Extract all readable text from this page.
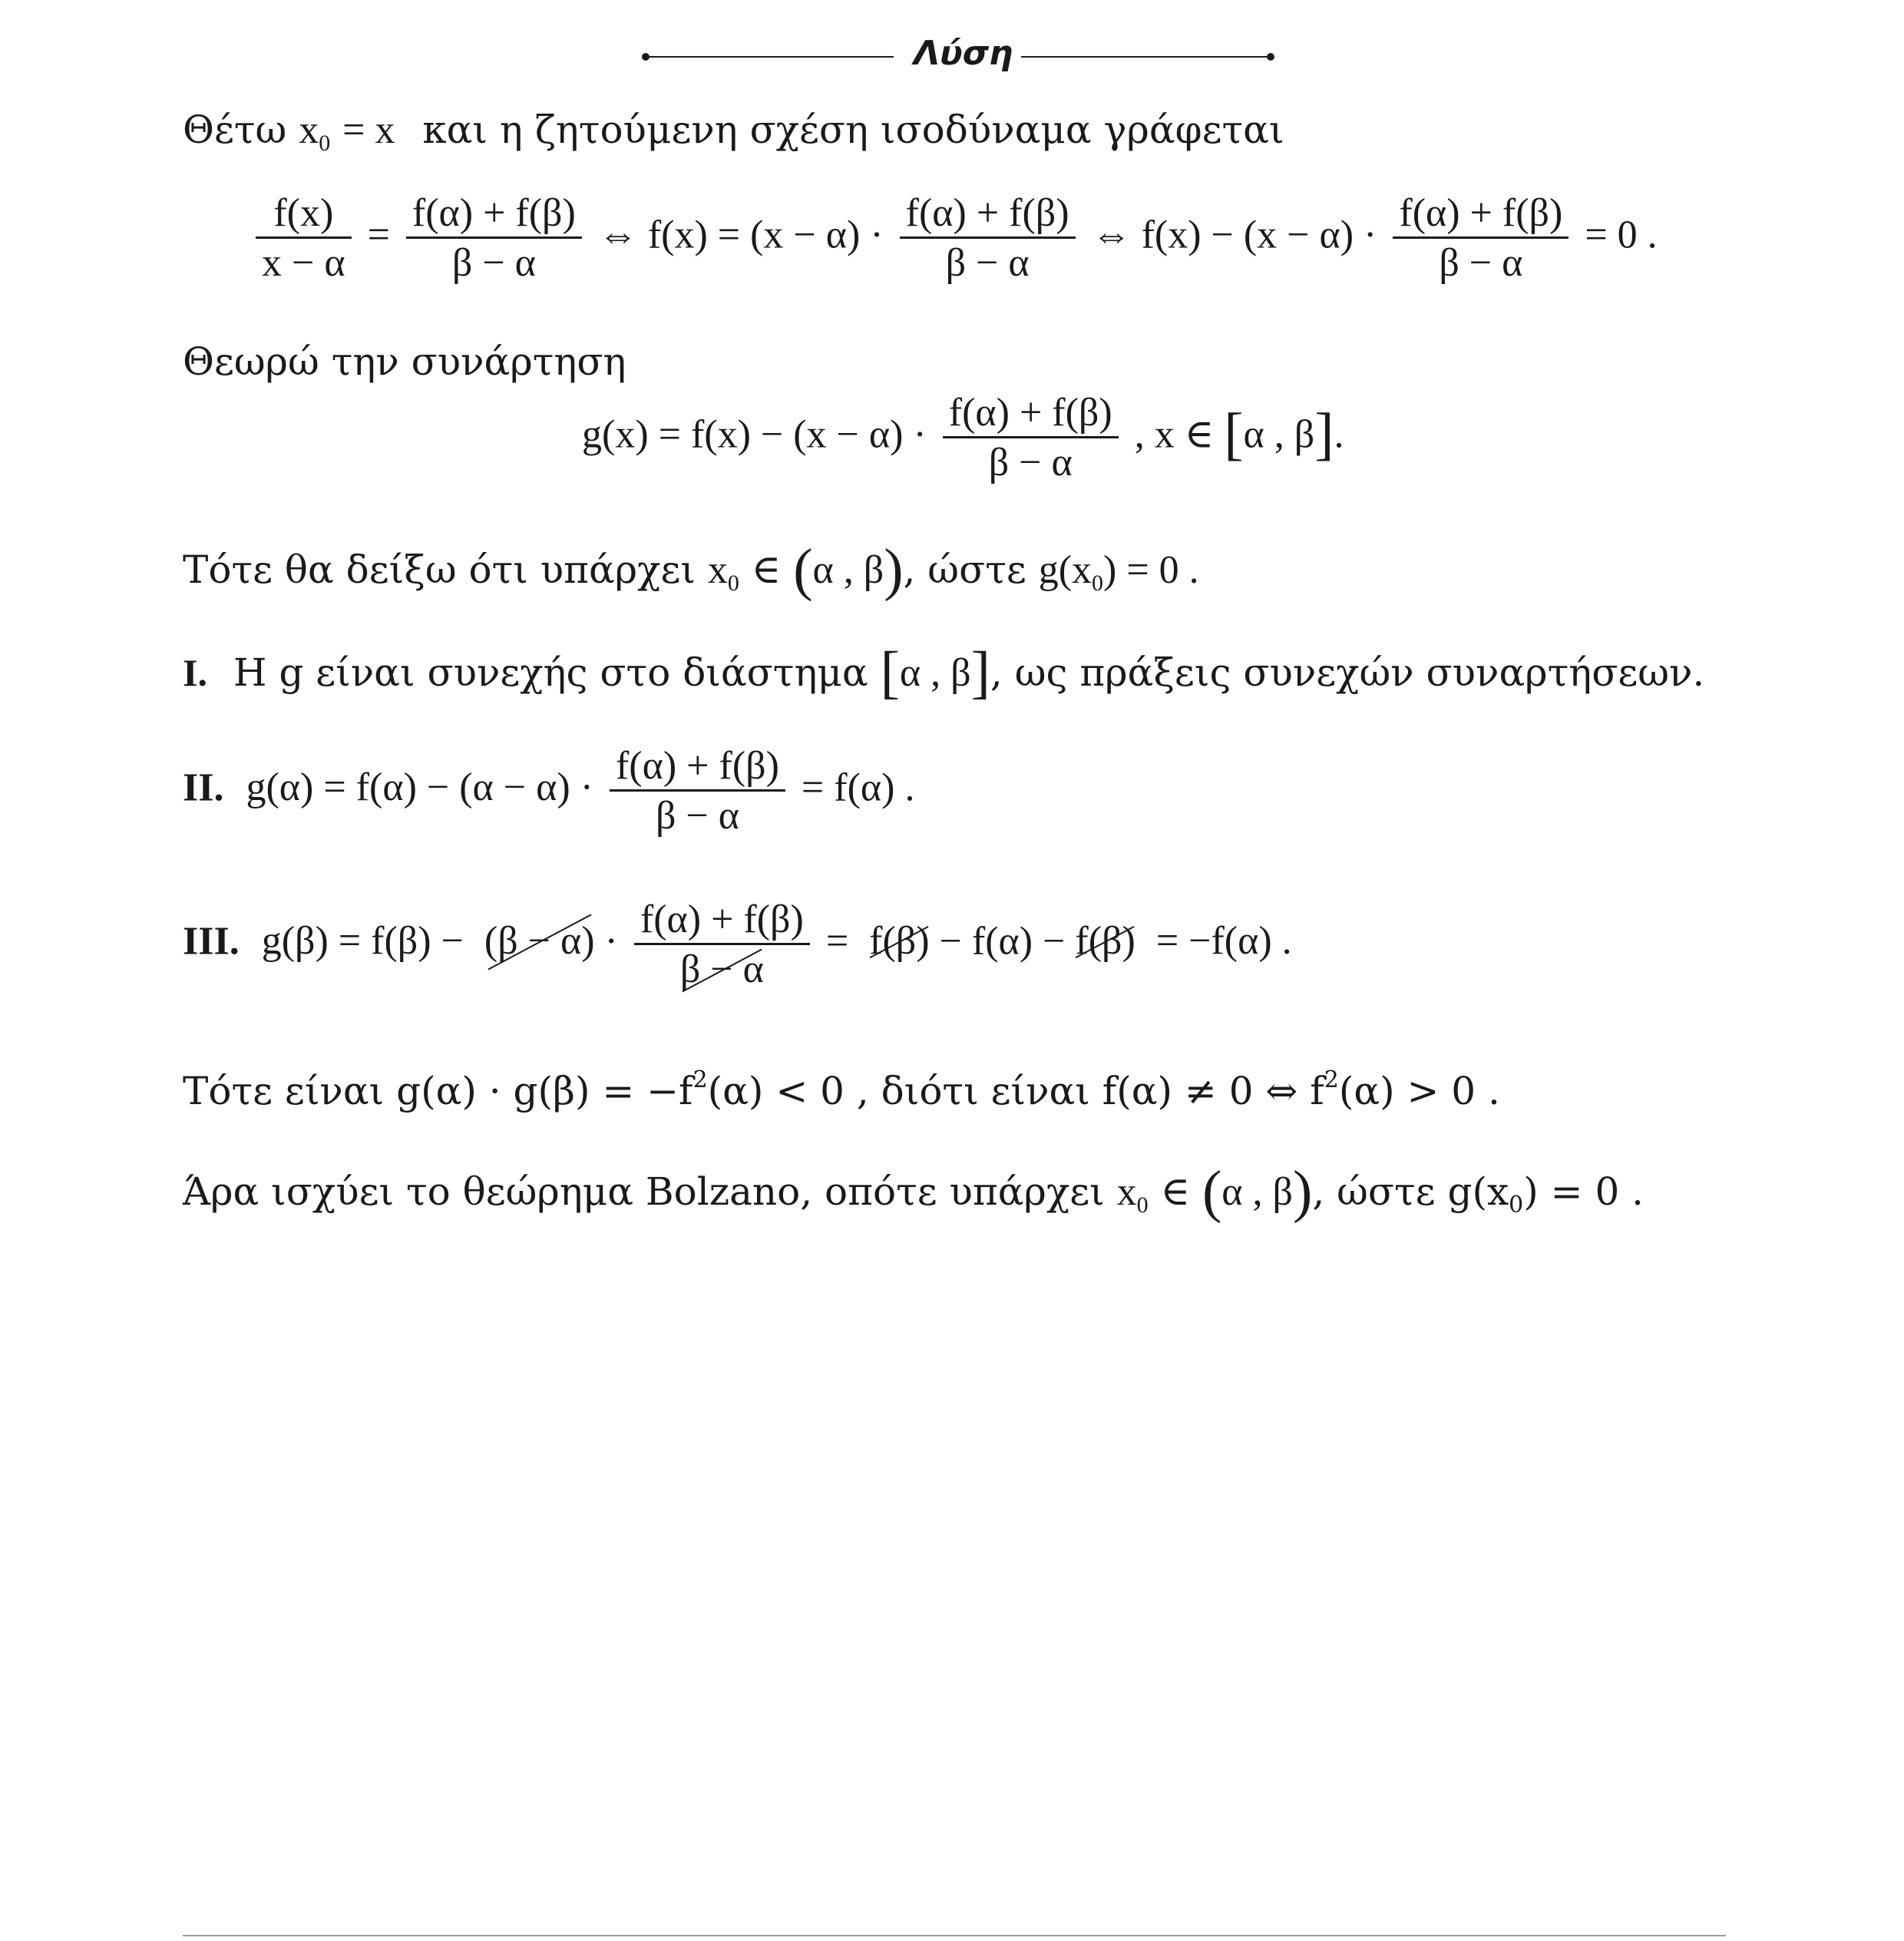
Λύση
Θέτω $x_0 = x$ και η ζητούμενη σχέση ισοδύναμα γράφεται
$\frac{f(x)}{x - \alpha} = \frac{f(\alpha) + f(\beta)}{\beta - \alpha}$ ⇔ $f(x) = (x - \alpha) \cdot \frac{f(\alpha) + f(\beta)}{\beta - \alpha}$ ⇔ $f(x) - (x - \alpha) \cdot \frac{f(\alpha) + f(\beta)}{\beta - \alpha} = 0$ .
Θεωρώ την συνάρτηση
$g(x) = f(x) - (x - \alpha) \cdot \frac{f(\alpha) + f(\beta)}{\beta - \alpha}$ , x ∈ [α , β].
Τότε θα δείξω ότι υπάρχει $x_0$ ∈ (α , β), ώστε $g(x_0) = 0$ .
I. Η g είναι συνεχής στο διάστημα [α , β], ως πράξεις συνεχών συναρτήσεων.
II. $g(\alpha) = f(\alpha) - (\alpha - \alpha) \cdot \frac{f(\alpha) + f(\beta)}{\beta - \alpha} = f(\alpha)$ .
III. $g(\beta) = f(\beta) - (\beta - \alpha) \cdot \frac{f(\alpha) + f(\beta)}{\beta - \alpha} = f(\beta) - f(\alpha) - f(\beta) = -f(\alpha)$ .
Τότε είναι $g(\alpha) \cdot g(\beta) = -f^2(\alpha) < 0$ , διότι είναι f(α) ≠ 0 ⇔ $f^2(\alpha) > 0$ .
Άρα ισχύει το θεώρημα Bolzano, οπότε υπάρχει $x_0$ ∈ (α , β), ώστε $g(x_0) = 0$ .
